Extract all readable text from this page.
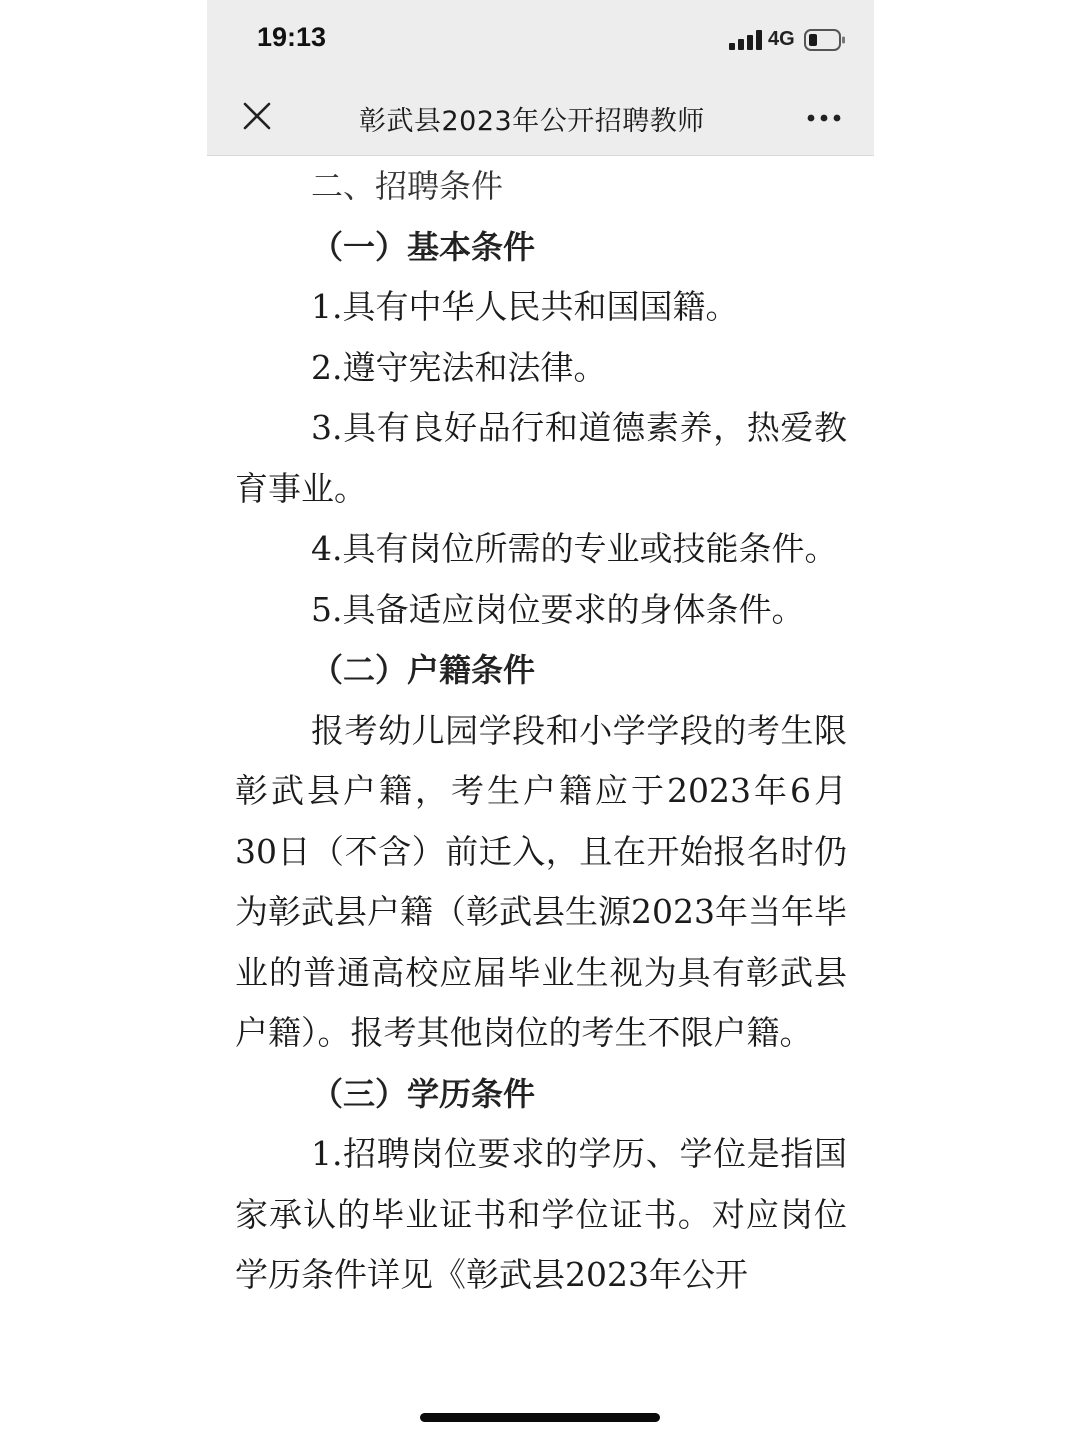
19:13	4G
彰武县2023年公开招聘教师

二、招聘条件

（一）基本条件

1.具有中华人民共和国国籍。

2.遵守宪法和法律。

3.具有良好品行和道德素养，热爱教育事业。

4.具有岗位所需的专业或技能条件。

5.具备适应岗位要求的身体条件。

（二）户籍条件

报考幼儿园学段和小学学段的考生限彰武县户籍，考生户籍应于2023年6月 30日（不含）前迁入，且在开始报名时仍为彰武县户籍（彰武县生源2023年当年毕业的普通高校应届毕业生视为具有彰武县户籍）。报考其他岗位的考生不限户籍。

（三）学历条件

1.招聘岗位要求的学历、学位是指国家承认的毕业证书和学位证书。对应岗位学历条件详见《彰武县2023年公开
